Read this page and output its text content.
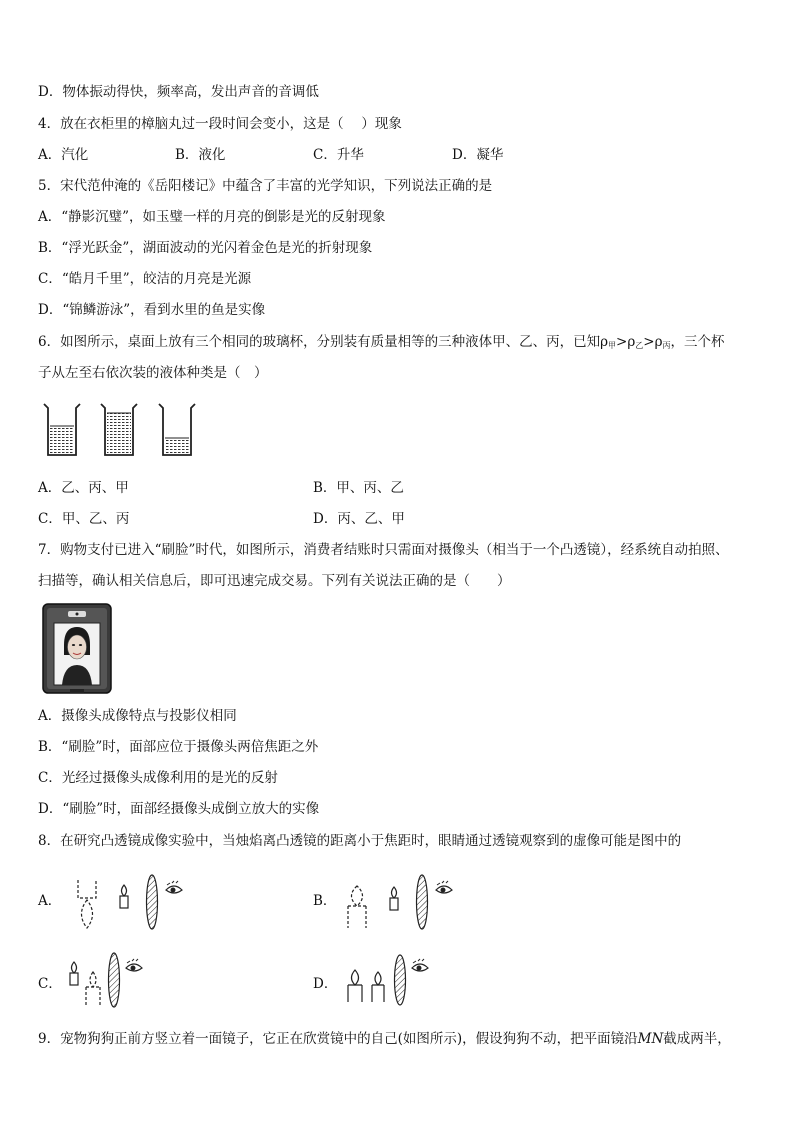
D．物体振动得快，频率高，发出声音的音调低
4．放在衣柜里的樟脑丸过一段时间会变小，这是（　 ）现象
A．汽化	B．液化	C．升华	D．凝华
5．宋代范仲淹的《岳阳楼记》中蕴含了丰富的光学知识，下列说法正确的是
A．“静影沉璧”，如玉璧一样的月亮的倒影是光的反射现象
B．“浮光跃金”，湖面波动的光闪着金色是光的折射现象
C．“皓月千里”，皎洁的月亮是光源
D．“锦鳞游泳”，看到水里的鱼是实像
6．如图所示，桌面上放有三个相同的玻璃杯，分别装有质量相等的三种液体甲、乙、丙，已知$\rho_甲>\rho_乙>\rho_丙$，三个杯
子从左至右依次装的液体种类是（　）
A．乙、丙、甲	B．甲、丙、乙
C．甲、乙、丙	D．丙、乙、甲
7．购物支付已进入“刷脸”时代，如图所示，消费者结账时只需面对摄像头（相当于一个凸透镜），经系统自动拍照、
扫描等，确认相关信息后，即可迅速完成交易。下列有关说法正确的是（　　）
A．摄像头成像特点与投影仪相同
B．“刷脸”时，面部应位于摄像头两倍焦距之外
C．光经过摄像头成像利用的是光的反射
D．“刷脸”时，面部经摄像头成倒立放大的实像
8．在研究凸透镜成像实验中，当烛焰离凸透镜的距离小于焦距时，眼睛通过透镜观察到的虚像可能是图中的
A．	B．
C．	D．
9．宠物狗狗正前方竖立着一面镜子，它正在欣赏镜中的自己(如图所示)，假设狗狗不动，把平面镜沿MN截成两半，
